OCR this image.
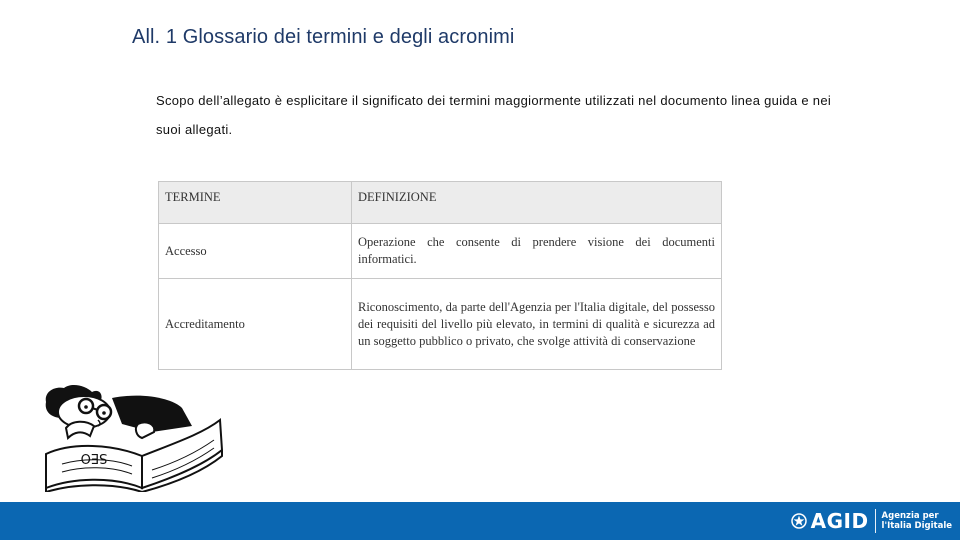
All. 1 Glossario dei termini e degli acronimi
Scopo dell’allegato è esplicitare il significato dei termini maggiormente utilizzati nel documento linea guida e nei suoi allegati.
TERMINE	DEFINIZIONE
Accesso	Operazione che consente di prendere visione dei documenti informatici.
Accreditamento	Riconoscimento, da parte dell'Agenzia per l'Italia digitale, del possesso dei requisiti del livello più elevato, in termini di qualità e sicurezza ad un soggetto pubblico o privato, che svolge attività di conservazione
SEO
AGID Agenzia per
l'Italia Digitale
